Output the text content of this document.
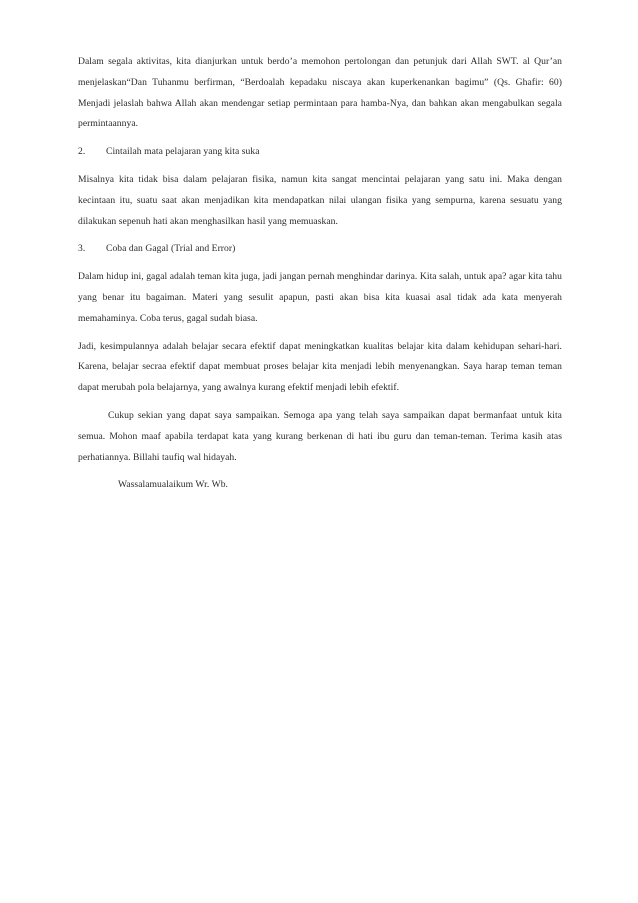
Dalam segala aktivitas, kita dianjurkan untuk berdo’a memohon pertolongan dan petunjuk dari Allah SWT. al Qur’an menjelaskan“Dan Tuhanmu berfirman, “Berdoalah kepadaku niscaya akan kuperkenankan bagimu” (Qs. Ghafir: 60) Menjadi jelaslah bahwa Allah akan mendengar setiap permintaan para hamba-Nya, dan bahkan akan mengabulkan segala permintaannya.

2.	Cintailah mata pelajaran yang kita suka

Misalnya kita tidak bisa dalam pelajaran fisika, namun kita sangat mencintai pelajaran yang satu ini. Maka dengan kecintaan itu, suatu saat akan menjadikan kita mendapatkan nilai ulangan fisika yang sempurna, karena sesuatu yang dilakukan sepenuh hati akan menghasilkan hasil yang memuaskan.

3.	Coba dan Gagal (Trial and Error)

Dalam hidup ini, gagal adalah teman kita juga, jadi jangan pernah menghindar darinya. Kita salah, untuk apa? agar kita tahu yang benar itu bagaiman. Materi yang sesulit apapun, pasti akan bisa kita kuasai asal tidak ada kata menyerah memahaminya. Coba terus, gagal sudah biasa.

Jadi, kesimpulannya adalah belajar secara efektif dapat meningkatkan kualitas belajar kita dalam kehidupan sehari-hari. Karena, belajar secraa efektif dapat membuat proses belajar kita menjadi lebih menyenangkan. Saya harap teman teman dapat merubah pola belajarnya, yang awalnya kurang efektif menjadi lebih efektif.

Cukup sekian yang dapat saya sampaikan. Semoga apa yang telah saya sampaikan dapat bermanfaat untuk kita semua. Mohon maaf apabila terdapat kata yang kurang berkenan di hati ibu guru dan teman-teman. Terima kasih atas perhatiannya. Billahi taufiq wal hidayah.

Wassalamualaikum Wr. Wb.
